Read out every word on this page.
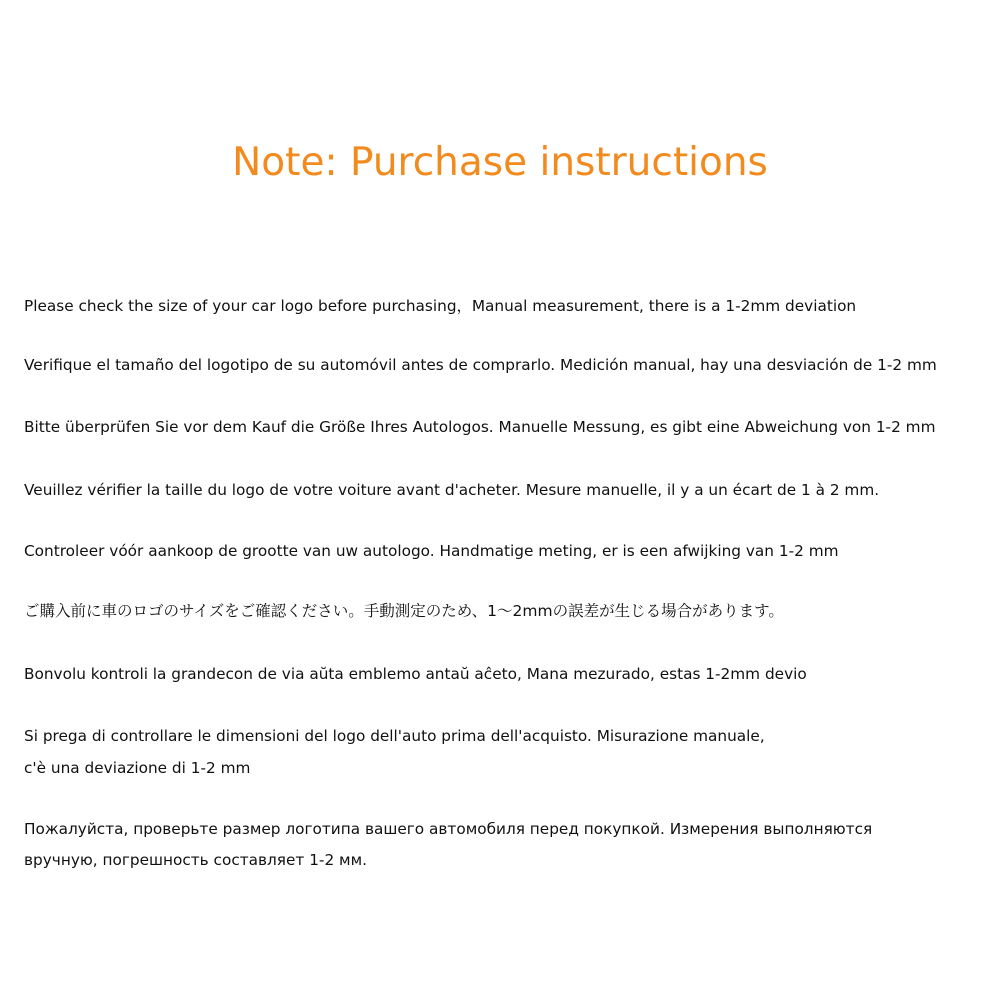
Note: Purchase instructions
Please check the size of your car logo before purchasing，Manual measurement, there is a 1-2mm deviation
Verifique el tamaño del logotipo de su automóvil antes de comprarlo. Medición manual, hay una desviación de 1-2 mm
Bitte überprüfen Sie vor dem Kauf die Größe Ihres Autologos. Manuelle Messung, es gibt eine Abweichung von 1-2 mm
Veuillez vérifier la taille du logo de votre voiture avant d'acheter. Mesure manuelle, il y a un écart de 1 à 2 mm.
Controleer vóór aankoop de grootte van uw autologo. Handmatige meting, er is een afwijking van 1-2 mm
ご購入前に車のロゴのサイズをご確認ください。手動測定のため、1〜2mmの誤差が生じる場合があります。
Bonvolu kontroli la grandecon de via aŭta emblemo antaŭ aĉeto, Mana mezurado, estas 1-2mm devio
Si prega di controllare le dimensioni del logo dell'auto prima dell'acquisto. Misurazione manuale,
c'è una deviazione di 1-2 mm
Пожалуйста, проверьте размер логотипа вашего автомобиля перед покупкой. Измерения выполняются
вручную, погрешность составляет 1-2 мм.
